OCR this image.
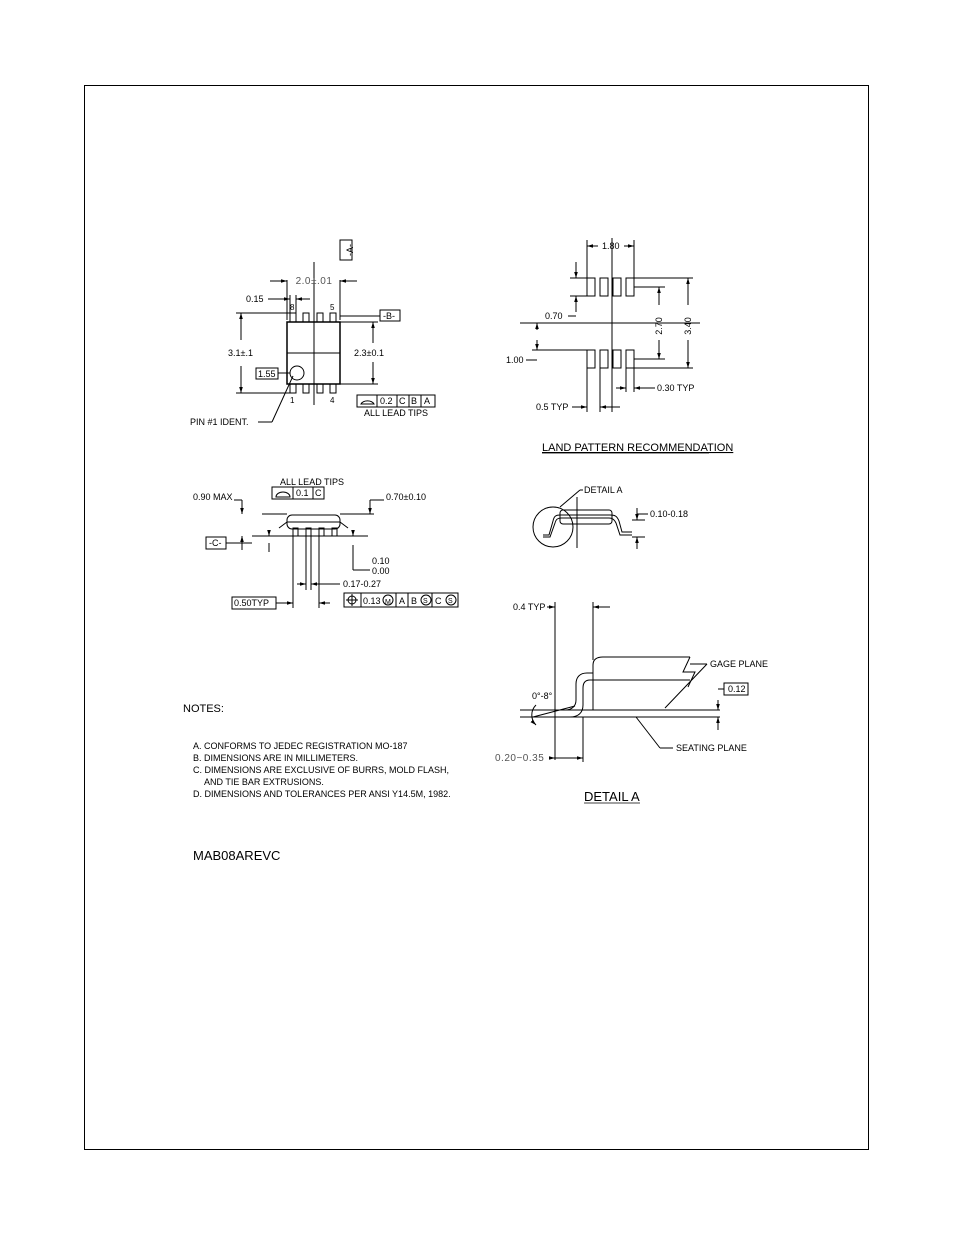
-A-
2.0±.01
0.15
8	5
1	4
-B-
3.1±.1
1.55
2.3±0.1
0.2 C B A
ALL LEAD TIPS
PIN #1 IDENT.
1.80
0.70
2.70 3.40
1.00
0.30 TYP
0.5 TYP
LAND PATTERN RECOMMENDATION
ALL LEAD TIPS
0.1 C
0.90 MAX	0.70±0.10
-C-
0.10
0.00
0.17-0.27
0.50TYP	0.13 M A B S C S
DETAIL A
0.10-0.18
0.4 TYP
GAGE PLANE
0°-8°
0.12
SEATING PLANE
0.20−0.35
DETAIL A
NOTES:
A. CONFORMS TO JEDEC REGISTRATION MO-187
B. DIMENSIONS ARE IN MILLIMETERS.
C. DIMENSIONS ARE EXCLUSIVE OF BURRS, MOLD FLASH,
AND TIE BAR EXTRUSIONS.
D. DIMENSIONS AND TOLERANCES PER ANSI Y14.5M, 1982.
MAB08AREVC
